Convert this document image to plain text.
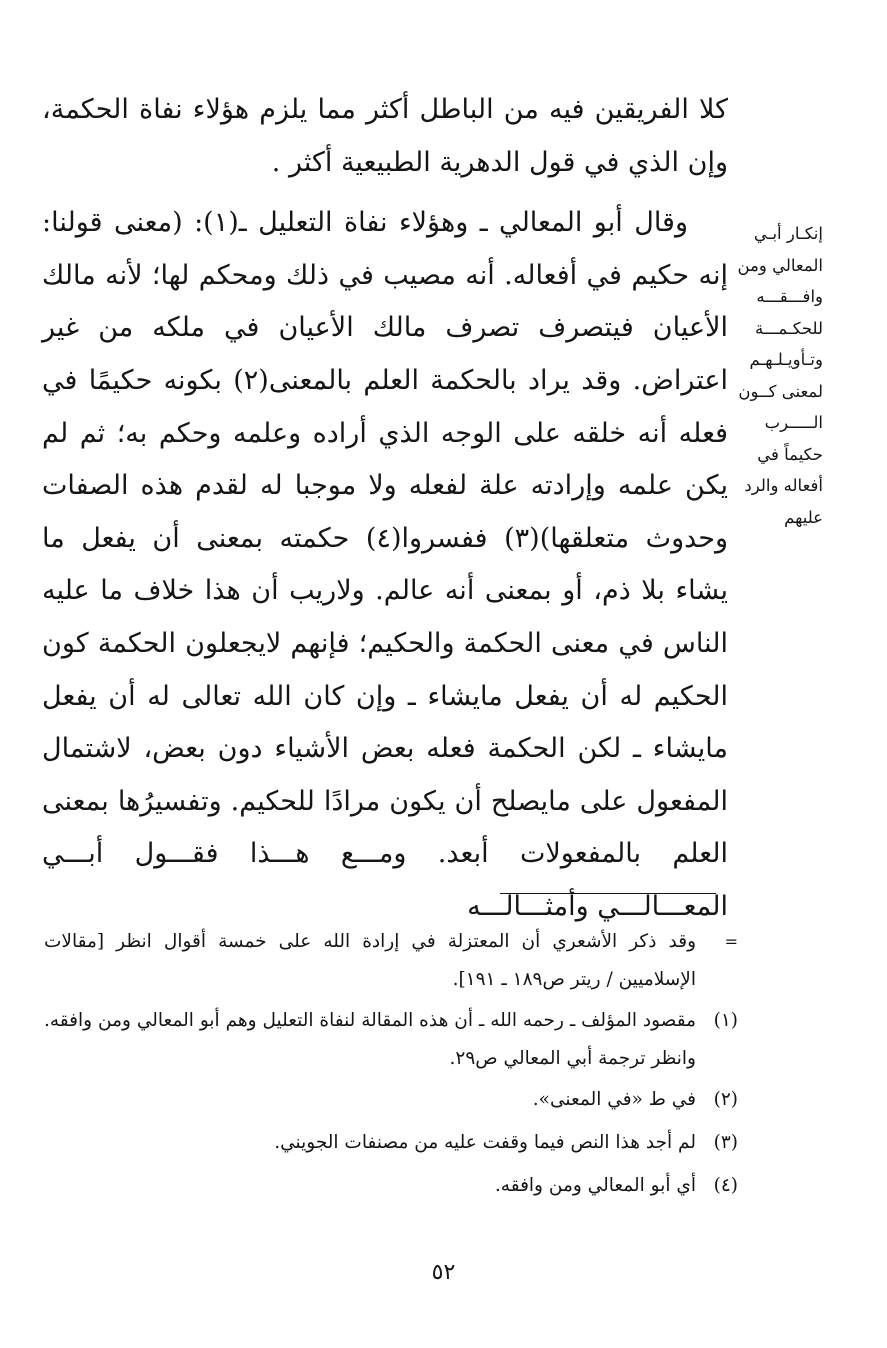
كلا الفريقين فيه من الباطل أكثر مما يلزم هؤلاء نفاة الحكمة، وإن الذي في قول الدهرية الطبيعية أكثر .

وقال أبو المعالي ـ وهؤلاء نفاة التعليل ـ(١): (معنى قولنا: إنه حكيم في أفعاله. أنه مصيب في ذلك ومحكم لها؛ لأنه مالك الأعيان فيتصرف تصرف مالك الأعيان في ملكه من غير اعتراض. وقد يراد بالحكمة العلم بالمعنى(٢) بكونه حكيمًا في فعله أنه خلقه على الوجه الذي أراده وعلمه وحكم به؛ ثم لم يكن علمه وإرادته علة لفعله ولا موجبا له لقدم هذه الصفات وحدوث متعلقها)(٣) ففسروا(٤) حكمته بمعنى أن يفعل ما يشاء بلا ذم، أو بمعنى أنه عالم. ولاريب أن هذا خلاف ما عليه الناس في معنى الحكمة والحكيم؛ فإنهم لايجعلون الحكمة كون الحكيم له أن يفعل مايشاء ـ وإن كان الله تعالى له أن يفعل مايشاء ـ لكن الحكمة فعله بعض الأشياء دون بعض، لاشتمال المفعول على مايصلح أن يكون مرادًا للحكيم. وتفسيرُها بمعنى العلم بالمفعولات أبعد. ومـــع هـــذا فقـــول أبـــي المعـــالـــي وأمثـــالـــه

إنكـار أبـي
المعالي ومن
وافـــقـــه
للحكـمـــة
وتـأويـلـهـم
لمعنى كــون
الـــــرب
حكيماً في
أفعاله والرد
عليهم
=
وقد ذكر الأشعري أن المعتزلة في إرادة الله على خمسة أقوال انظر [مقالات الإسلاميين / ريتر ص١٨٩ ـ ١٩١].
(١)
مقصود المؤلف ـ رحمه الله ـ أن هذه المقالة لنفاة التعليل وهم أبو المعالي ومن وافقه. وانظر ترجمة أبي المعالي ص٢٩.
(٢)
في ط «في المعنى».
(٣)
لم أجد هذا النص فيما وقفت عليه من مصنفات الجويني.
(٤)
أي أبو المعالي ومن وافقه.
٥٢
